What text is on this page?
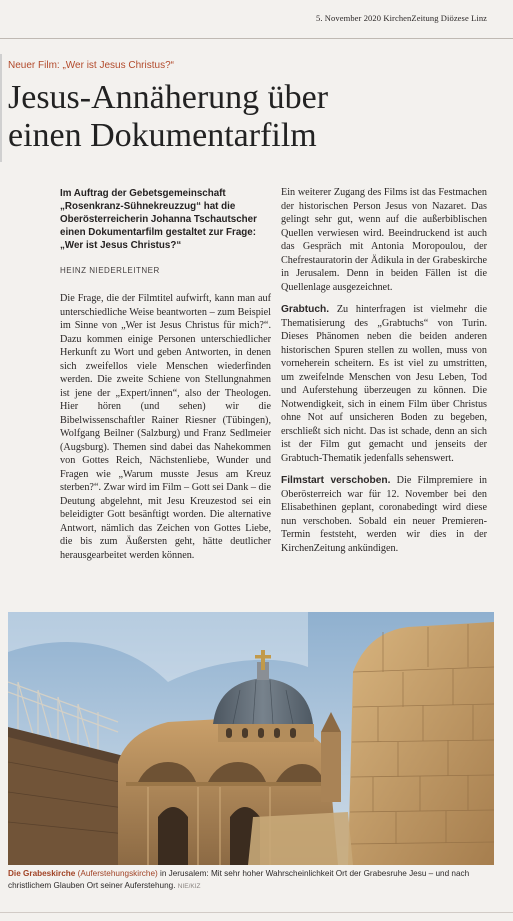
5. November 2020 KirchenZeitung Diözese Linz
Neuer Film: „Wer ist Jesus Christus?“
Jesus-Annäherung über
einen Dokumentarfilm
Im Auftrag der Gebetsgemeinschaft „Rosenkranz-Sühnekreuzzug“ hat die Oberösterreicherin Johanna Tschautscher einen Dokumentarfilm gestaltet zur Frage: „Wer ist Jesus Christus?“
HEINZ NIEDERLEITNER

Die Frage, die der Filmtitel aufwirft, kann man auf unterschiedliche Weise beantworten – zum Beispiel im Sinne von „Wer ist Jesus Christus für mich?“. Dazu kommen einige Personen unterschiedlicher Herkunft zu Wort und geben Antworten, in denen sich zweifellos viele Menschen wiederfinden werden. Die zweite Schiene von Stellungnahmen ist jene der „Expert/innen“, also der Theologen. Hier hören (und sehen) wir die Bibelwissenschaftler Rainer Riesner (Tübingen), Wolfgang Beilner (Salzburg) und Franz Sedlmeier (Augsburg). Themen sind dabei das Nahekommen von Gottes Reich, Nächstenliebe, Wunder und Fragen wie „Warum musste Jesus am Kreuz sterben?“. Zwar wird im Film – Gott sei Dank – die Deutung abgelehnt, mit Jesu Kreuzestod sei ein beleidigter Gott besänftigt worden. Die alternative Antwort, nämlich das Zeichen von Gottes Liebe, die bis zum Äußersten geht, hätte deutlicher herausgearbeitet werden können.

Ein weiterer Zugang des Films ist das Festmachen der historischen Person Jesus von Nazaret. Das gelingt sehr gut, wenn auf die außerbiblischen Quellen verwiesen wird. Beeindruckend ist auch das Gespräch mit Antonia Moropoulou, der Chefrestauratorin der Ädikula in der Grabeskirche in Jerusalem. Denn in beiden Fällen ist die Quellenlage ausgezeichnet.

Grabtuch. Zu hinterfragen ist vielmehr die Thematisierung des „Grabtuchs“ von Turin. Dieses Phänomen neben die beiden anderen historischen Spuren stellen zu wollen, muss von vorneherein scheitern. Es ist viel zu umstritten, um zweifelnde Menschen von Jesu Leben, Tod und Auferstehung überzeugen zu können. Die Notwendigkeit, sich in einem Film über Christus ohne Not auf unsicheren Boden zu begeben, erschließt sich nicht. Das ist schade, denn an sich ist der Film gut gemacht und jenseits der Grabtuch-Thematik jedenfalls sehenswert.

Filmstart verschoben. Die Filmpremiere in Oberösterreich war für 12. November bei den Elisabethinen geplant, coronabedingt wird diese nun verschoben. Sobald ein neuer Premieren-Termin feststeht, werden wir dies in der KirchenZeitung ankündigen.

Die Grabeskirche (Auferstehungskirche) in Jerusalem: Mit sehr hoher Wahrscheinlichkeit Ort der Grabesruhe Jesu – und nach christlichem Glauben Ort seiner Auferstehung. NIE/KIZ
